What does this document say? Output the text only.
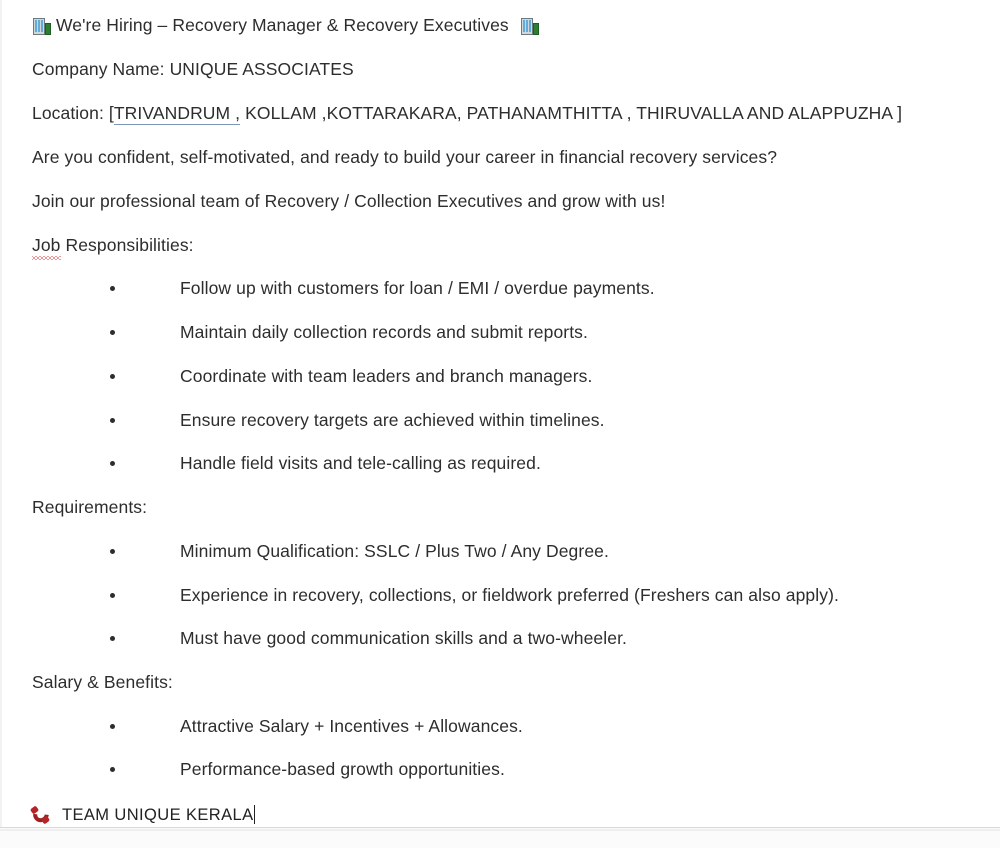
We're Hiring – Recovery Manager & Recovery Executives
Company Name: UNIQUE ASSOCIATES
Location: [TRIVANDRUM , KOLLAM ,KOTTARAKARA, PATHANAMTHITTA , THIRUVALLA AND ALAPPUZHA ]
Are you confident, self-motivated, and ready to build your career in financial recovery services?
Join our professional team of Recovery / Collection Executives and grow with us!
Job Responsibilities:
Follow up with customers for loan / EMI / overdue payments.
Maintain daily collection records and submit reports.
Coordinate with team leaders and branch managers.
Ensure recovery targets are achieved within timelines.
Handle field visits and tele-calling as required.
Requirements:
Minimum Qualification: SSLC / Plus Two / Any Degree.
Experience in recovery, collections, or fieldwork preferred (Freshers can also apply).
Must have good communication skills and a two-wheeler.
Salary & Benefits:
Attractive Salary + Incentives + Allowances.
Performance-based growth opportunities.
TEAM UNIQUE KERALA
INDIA
